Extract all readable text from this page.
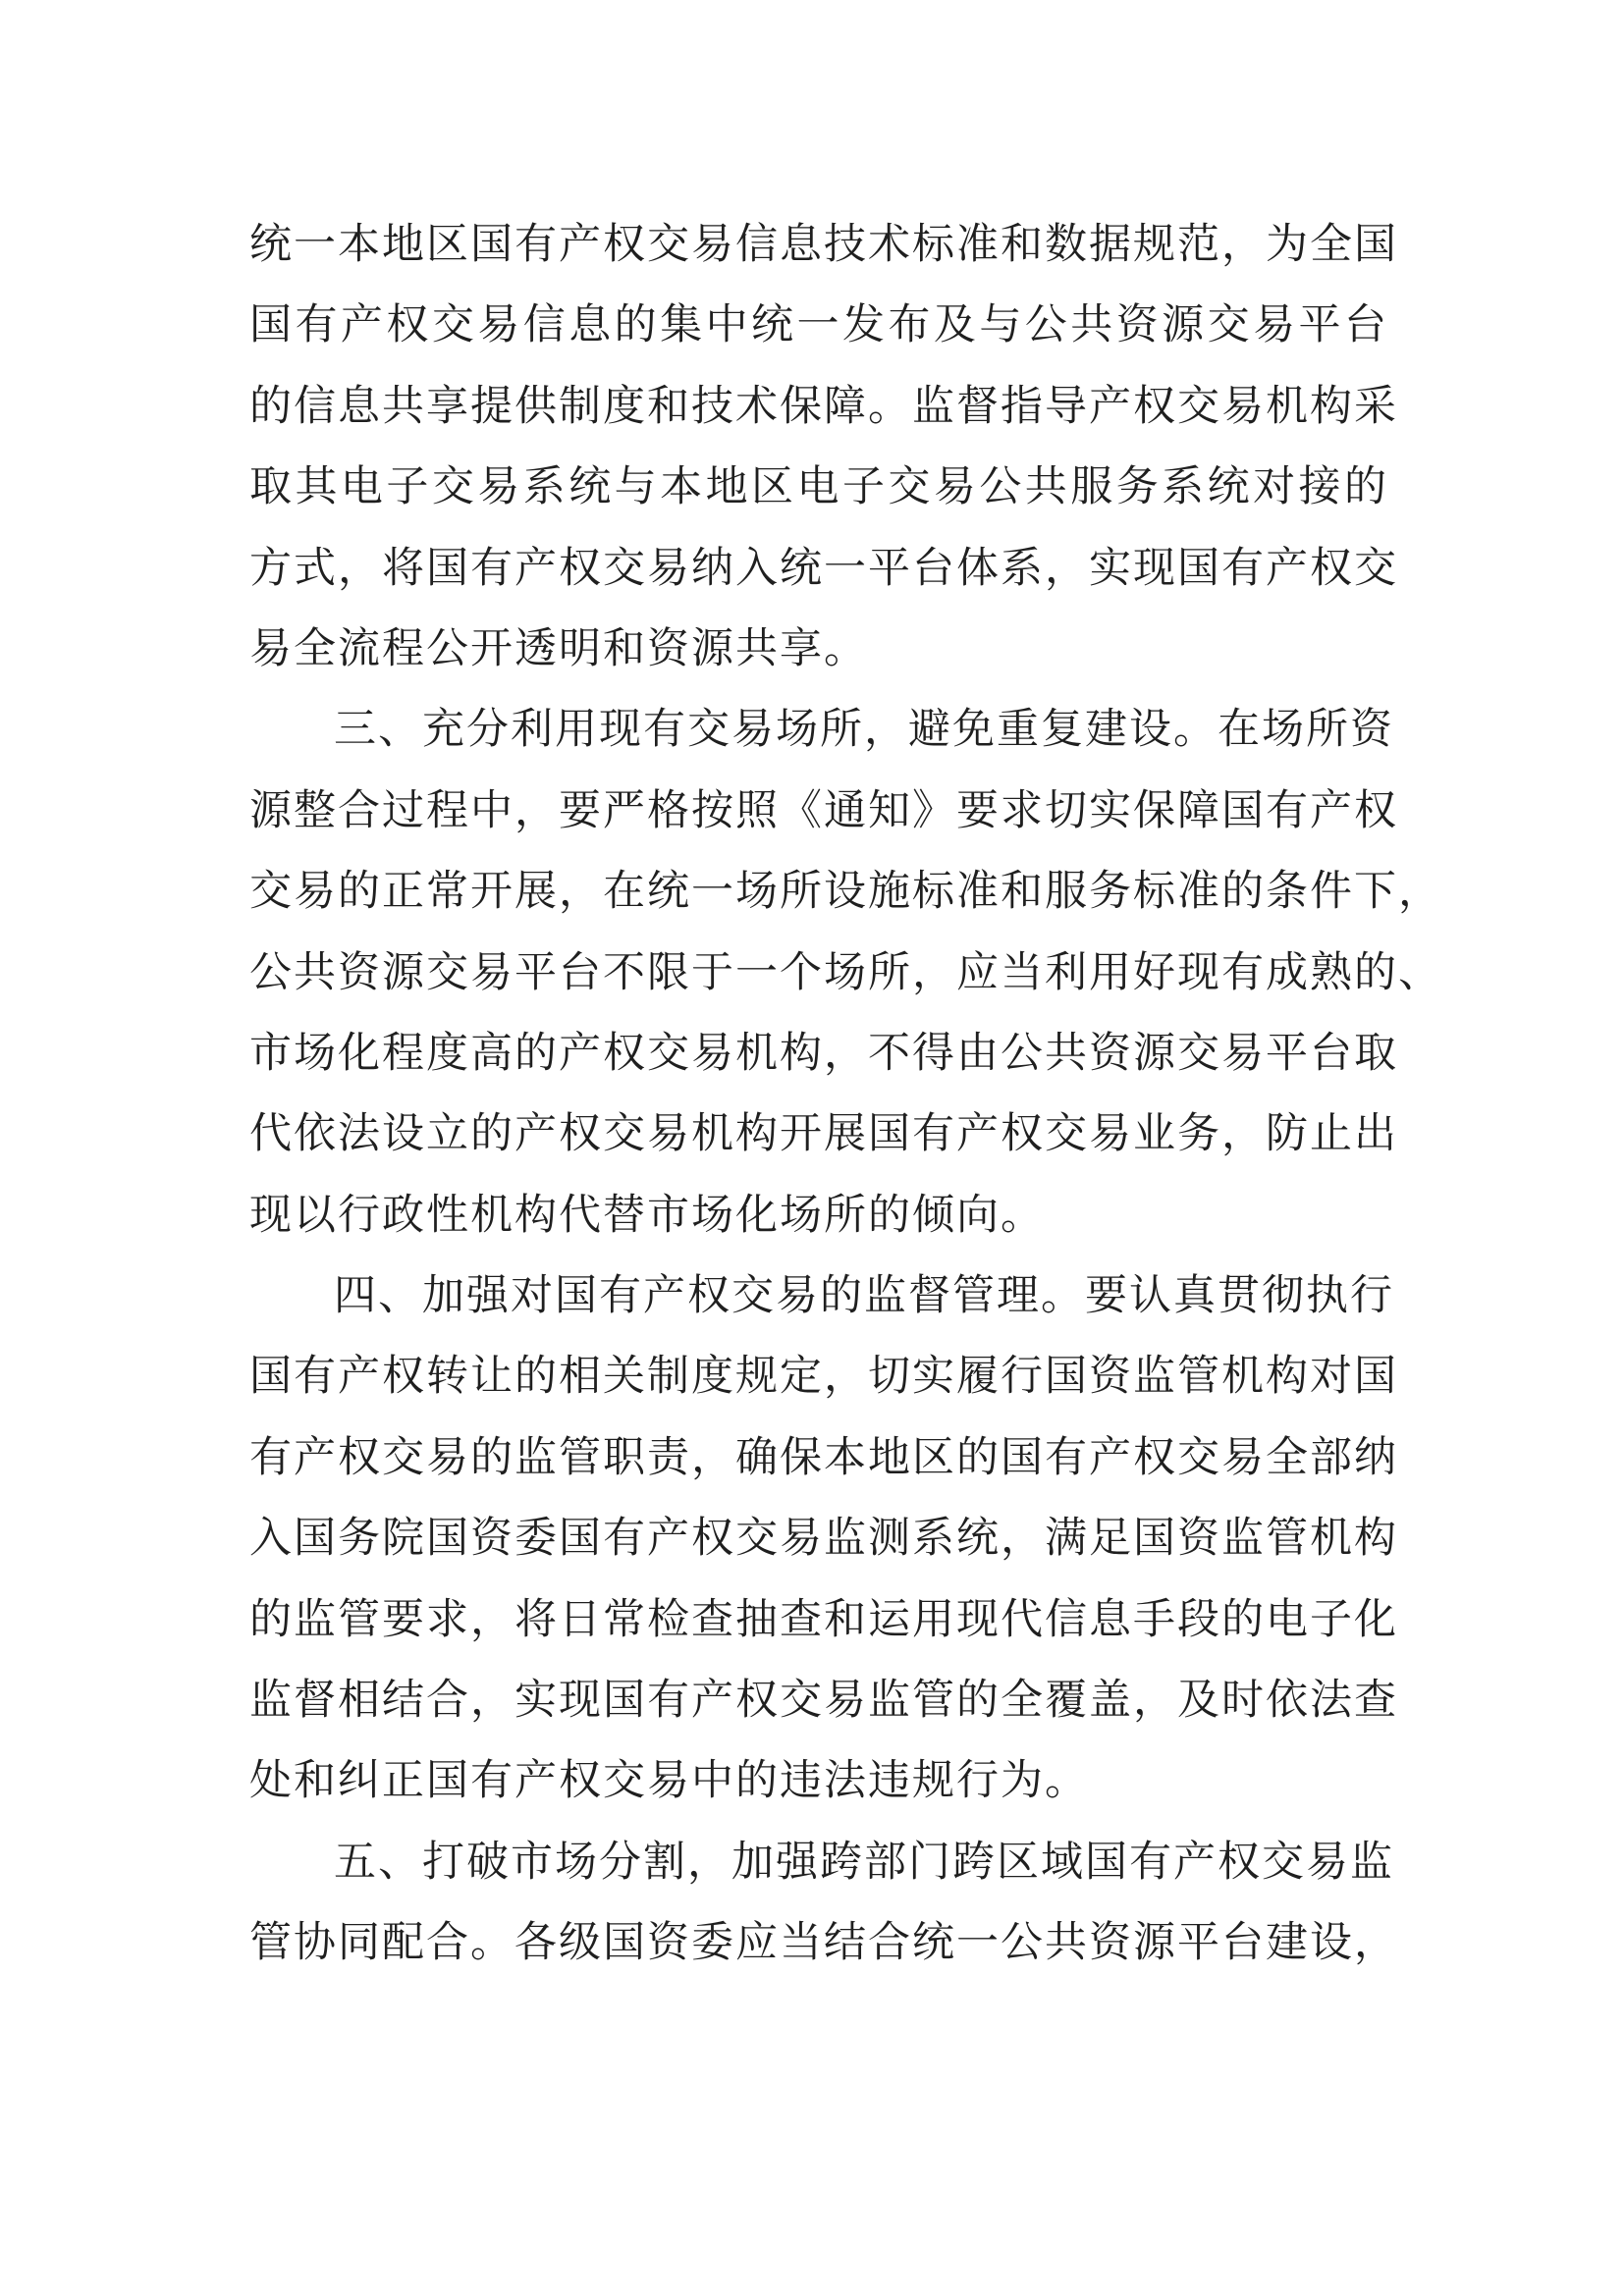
统一本地区国有产权交易信息技术标准和数据规范，为全国
国有产权交易信息的集中统一发布及与公共资源交易平台
的信息共享提供制度和技术保障。监督指导产权交易机构采
取其电子交易系统与本地区电子交易公共服务系统对接的
方式，将国有产权交易纳入统一平台体系，实现国有产权交
易全流程公开透明和资源共享。
三、充分利用现有交易场所，避免重复建设。在场所资
源整合过程中，要严格按照《通知》要求切实保障国有产权
交易的正常开展，在统一场所设施标准和服务标准的条件下，
公共资源交易平台不限于一个场所，应当利用好现有成熟的、
市场化程度高的产权交易机构，不得由公共资源交易平台取
代依法设立的产权交易机构开展国有产权交易业务，防止出
现以行政性机构代替市场化场所的倾向。
四、加强对国有产权交易的监督管理。要认真贯彻执行
国有产权转让的相关制度规定，切实履行国资监管机构对国
有产权交易的监管职责，确保本地区的国有产权交易全部纳
入国务院国资委国有产权交易监测系统，满足国资监管机构
的监管要求，将日常检查抽查和运用现代信息手段的电子化
监督相结合，实现国有产权交易监管的全覆盖，及时依法查
处和纠正国有产权交易中的违法违规行为。
五、打破市场分割，加强跨部门跨区域国有产权交易监
管协同配合。各级国资委应当结合统一公共资源平台建设，
